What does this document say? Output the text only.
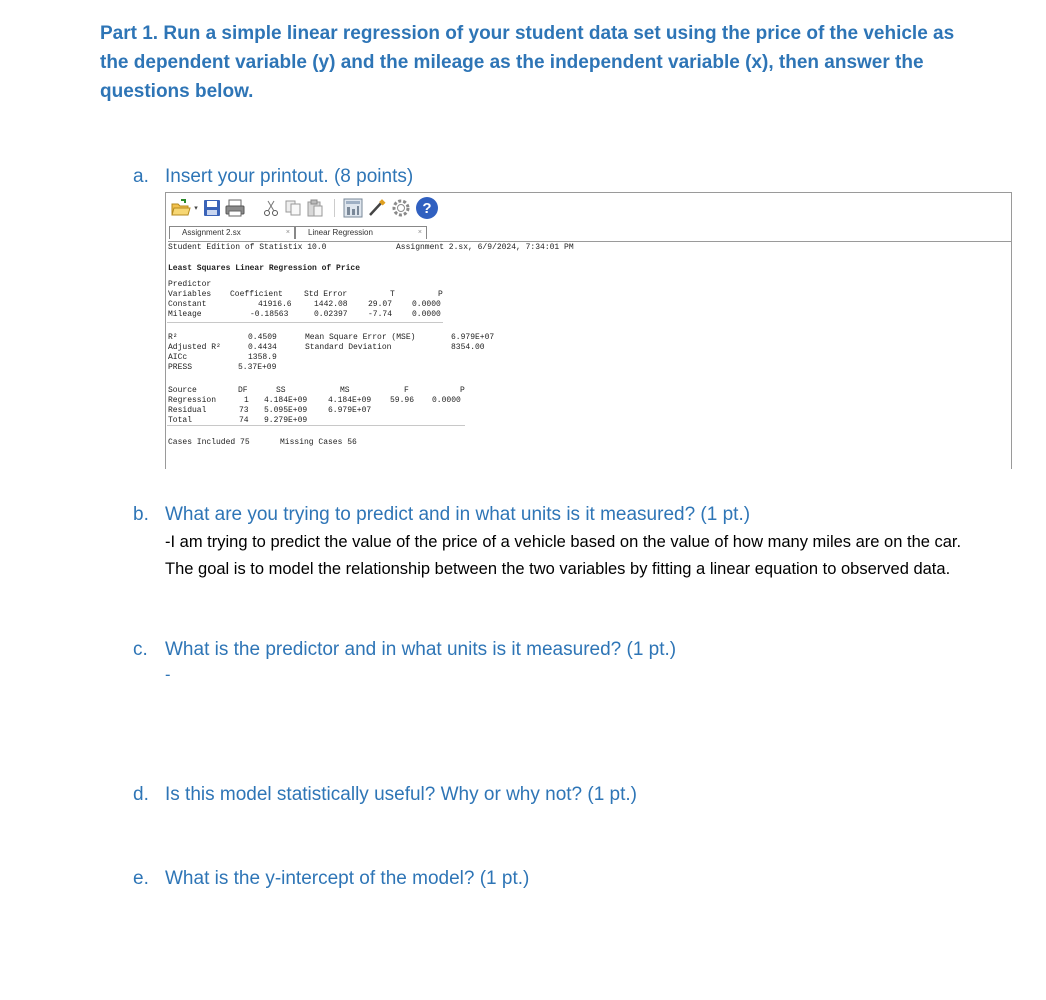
Part 1. Run a simple linear regression of your student data set using the price of the vehicle as the dependent variable (y) and the mileage as the independent variable (x), then answer the questions below.

a. Insert your printout. (8 points)
▾	?
Assignment 2.sx	×	Linear Regression	×
Student Edition of Statistix 10.0	Assignment 2.sx, 6/9/2024, 7:34:01 PM
Least Squares Linear Regression of Price
Predictor
Variables Coefficient	Std Error	T	P
Constant	41916.6	1442.08	29.07 0.0000
Mileage	-0.18563	0.02397	-7.74 0.0000
R²	0.4509
Adjusted R²	0.4434
AICc	1358.9
PRESS	5.37E+09
Mean Square Error (MSE)	6.979E+07
Standard Deviation	8354.00
Source	DF	SS	MS	F	P
Regression	1 4.184E+09	4.184E+09 59.96 0.0000
Residual	73 5.095E+09	6.979E+07
Total	74 9.279E+09
Cases Included 75	Missing Cases 56
b. What are you trying to predict and in what units is it measured? (1 pt.)
-I am trying to predict the value of the price of a vehicle based on the value of how many miles are on the car. The goal is to model the relationship between the two variables by fitting a linear equation to observed data.
c. What is the predictor and in what units is it measured? (1 pt.)
-
d. Is this model statistically useful? Why or why not? (1 pt.)
e. What is the y-intercept of the model? (1 pt.)
